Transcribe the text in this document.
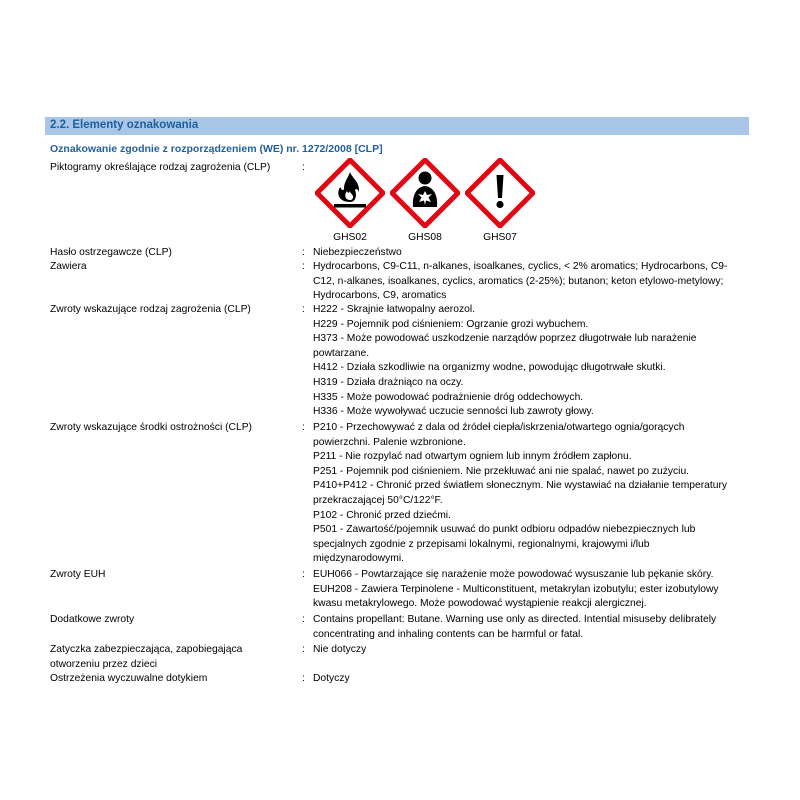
2.2. Elementy oznakowania
Oznakowanie zgodnie z rozporządzeniem (WE) nr. 1272/2008 [CLP]
Piktogramy określające rodzaj zagrożenia (CLP)	:
GHS02	GHS08	GHS07
Hasło ostrzegawcze (CLP)	: Niebezpieczeństwo
Zawiera	: Hydrocarbons, C9-C11, n-alkanes, isoalkanes, cyclics, < 2% aromatics; Hydrocarbons, C9-
C12, n-alkanes, isoalkanes, cyclics, aromatics (2-25%); butanon; keton etylowo-metylowy;
Hydrocarbons, C9, aromatics
Zwroty wskazujące rodzaj zagrożenia (CLP)	: H222 - Skrajnie łatwopalny aerozol.
H229 - Pojemnik pod ciśnieniem: Ogrzanie grozi wybuchem.
H373 - Może powodować uszkodzenie narządów poprzez długotrwałe lub narażenie
powtarzane.
H412 - Działa szkodliwie na organizmy wodne, powodując długotrwałe skutki.
H319 - Działa drażniąco na oczy.
H335 - Może powodować podrażnienie dróg oddechowych.
H336 - Może wywoływać uczucie senności lub zawroty głowy.
Zwroty wskazujące środki ostrożności (CLP)	: P210 - Przechowywać z dala od źródeł ciepła/iskrzenia/otwartego ognia/gorących
powierzchni. Palenie wzbronione.
P211 - Nie rozpylać nad otwartym ogniem lub innym źródłem zapłonu.
P251 - Pojemnik pod ciśnieniem. Nie przekłuwać ani nie spalać, nawet po zużyciu.
P410+P412 - Chronić przed światłem słonecznym. Nie wystawiać na działanie temperatury
przekraczającej 50°C/122°F.
P102 - Chronić przed dziećmi.
P501 - Zawartość/pojemnik usuwać do punkt odbioru odpadów niebezpiecznych lub
specjalnych zgodnie z przepisami lokalnymi, regionalnymi, krajowymi i/lub
międzynarodowymi.
Zwroty EUH	: EUH066 - Powtarzające się narażenie może powodować wysuszanie lub pękanie skóry.
EUH208 - Zawiera Terpinolene - Multiconstituent, metakrylan izobutylu; ester izobutylowy
kwasu metakrylowego. Może powodować wystąpienie reakcji alergicznej.
Dodatkowe zwroty	: Contains propellant: Butane. Warning use only as directed. Intential misuseby delibrately
concentrating and inhaling contents can be harmful or fatal.
Zatyczka zabezpieczająca, zapobiegająca otworzeniu przez dzieci
: Nie dotyczy
Ostrzeżenia wyczuwalne dotykiem	: Dotyczy
